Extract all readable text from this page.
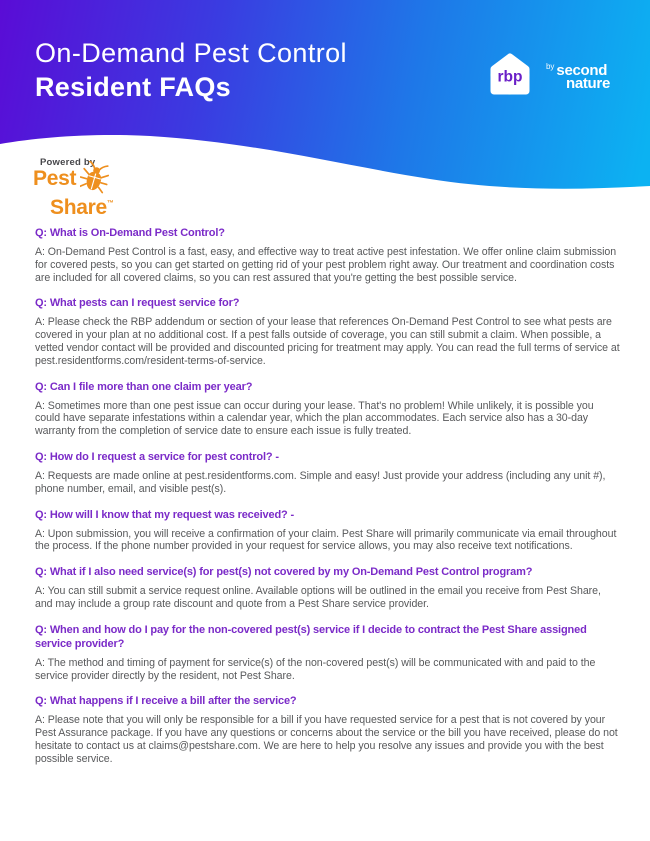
On-Demand Pest Control
Resident FAQs	rbp
$^{by}$ second
nature
Powered by
Pest
Share™
Q: What is On-Demand Pest Control?

A: On-Demand Pest Control is a fast, easy, and effective way to treat active pest infestation. We offer online claim submission for covered pests, so you can get started on getting rid of your pest problem right away. Our treatment and coordination costs are included for all covered claims, so you can rest assured that you're getting the best possible service.

Q: What pests can I request service for?

A: Please check the RBP addendum or section of your lease that references On-Demand Pest Control to see what pests are covered in your plan at no additional cost. If a pest falls outside of coverage, you can still submit a claim. When possible, a vetted vendor contact will be provided and discounted pricing for treatment may apply. You can read the full terms of service at pest.residentforms.com/resident-terms-of-service.

Q: Can I file more than one claim per year?

A: Sometimes more than one pest issue can occur during your lease. That's no problem! While unlikely, it is possible you could have separate infestations within a calendar year, which the plan accommodates. Each service also has a 30-day warranty from the completion of service date to ensure each issue is fully treated.

Q: How do I request a service for pest control? -

A: Requests are made online at pest.residentforms.com. Simple and easy! Just provide your address (including any unit #), phone number, email, and visible pest(s).

Q: How will I know that my request was received? -

A: Upon submission, you will receive a confirmation of your claim. Pest Share will primarily communicate via email throughout the process. If the phone number provided in your request for service allows, you may also receive text notifications.

Q: What if I also need service(s) for pest(s) not covered by my On-Demand Pest Control program?

A: You can still submit a service request online. Available options will be outlined in the email you receive from Pest Share, and may include a group rate discount and quote from a Pest Share service provider.

Q: When and how do I pay for the non-covered pest(s) service if I decide to contract the Pest Share assigned service provider?

A: The method and timing of payment for service(s) of the non-covered pest(s) will be communicated with and paid to the service provider directly by the resident, not Pest Share.

Q: What happens if I receive a bill after the service?

A: Please note that you will only be responsible for a bill if you have requested service for a pest that is not covered by your Pest Assurance package. If you have any questions or concerns about the service or the bill you have received, please do not hesitate to contact us at claims@pestshare.com. We are here to help you resolve any issues and provide you with the best possible service.
